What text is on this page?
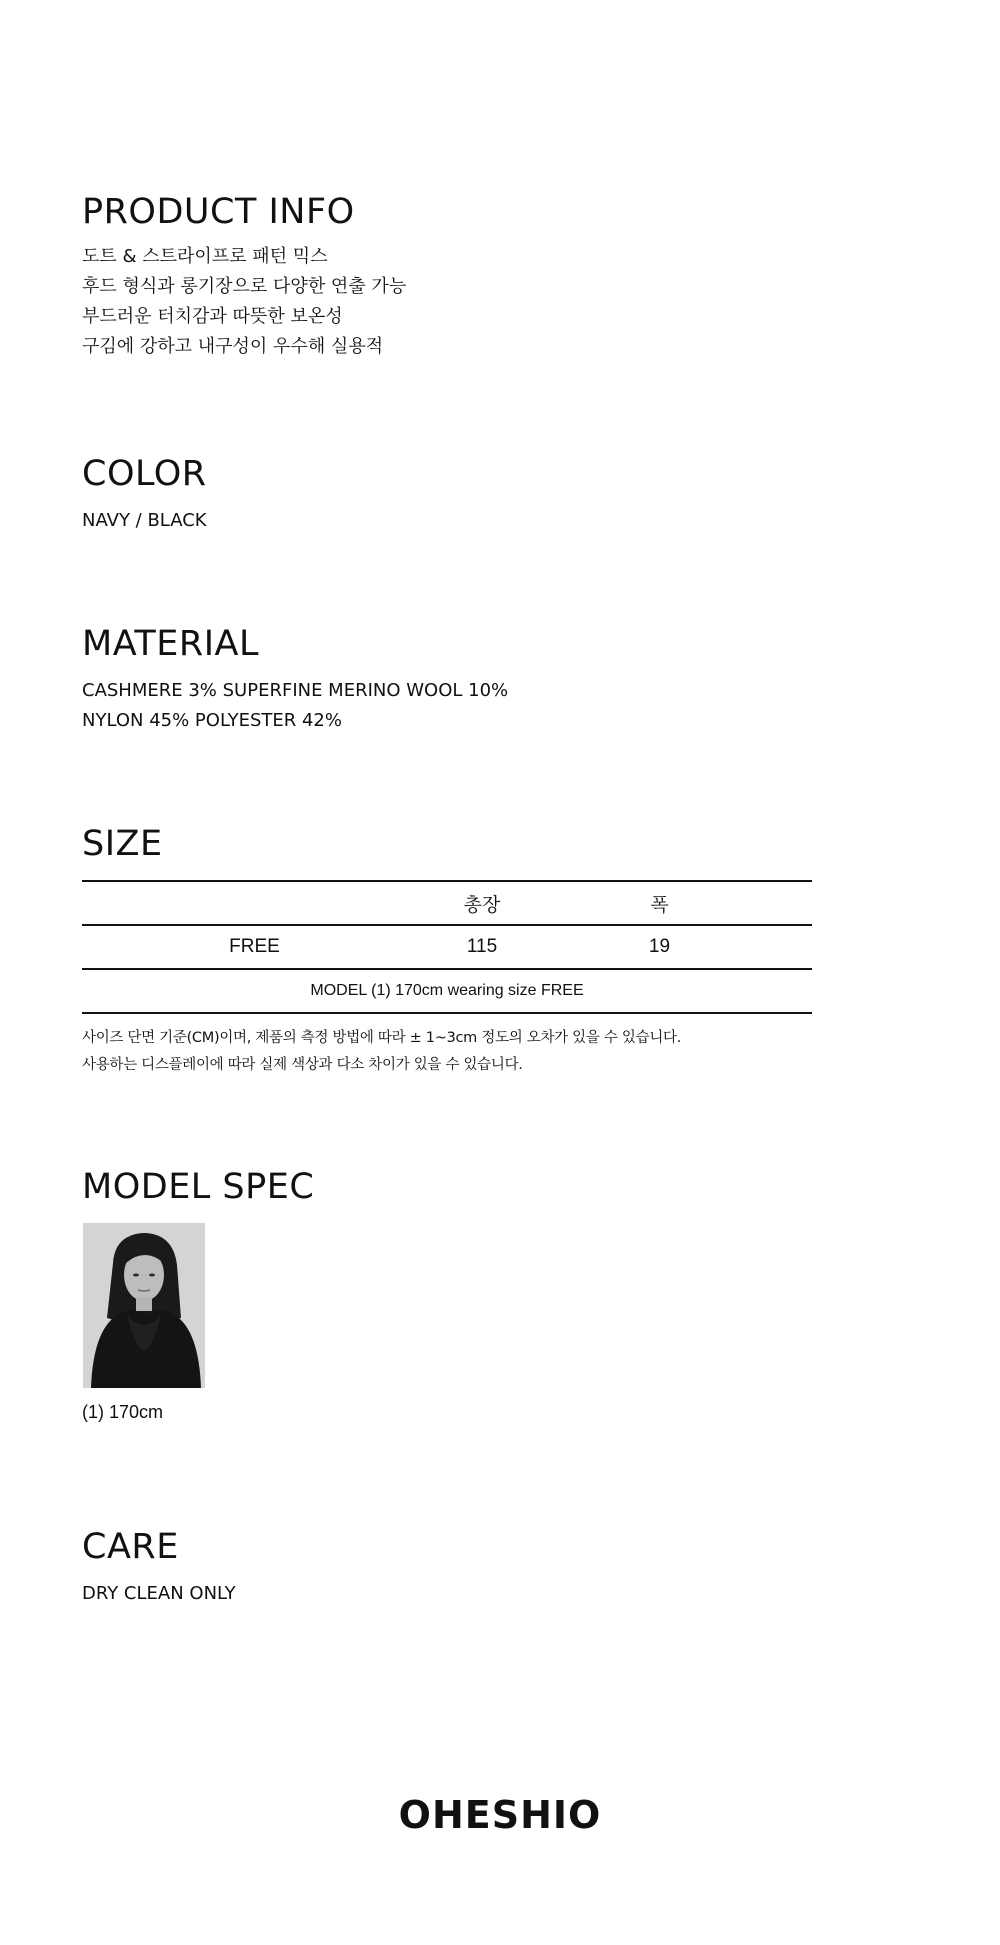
PRODUCT INFO
도트 & 스트라이프로 패턴 믹스
후드 형식과 롱기장으로 다양한 연출 가능
부드러운 터치감과 따뜻한 보온성
구김에 강하고 내구성이 우수해 실용적
COLOR

NAVY / BLACK

MATERIAL
CASHMERE 3% SUPERFINE MERINO WOOL 10%
NYLON 45% POLYESTER 42%
SIZE
	총장	폭	
FREE	115	19	
MODEL (1) 170cm wearing size FREE			
사이즈 단면 기준(CM)이며, 제품의 측정 방법에 따라 ± 1~3cm 정도의 오차가 있을 수 있습니다.
사용하는 디스플레이에 따라 실제 색상과 다소 차이가 있을 수 있습니다.
MODEL SPEC
(1) 170cm
CARE

DRY CLEAN ONLY

OHESHIO
